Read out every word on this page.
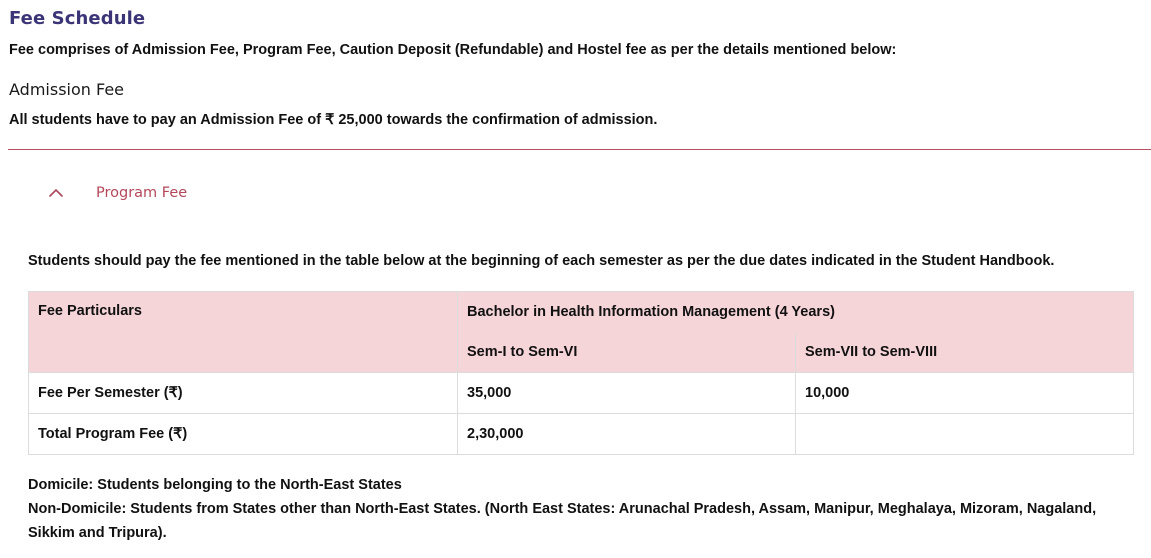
Fee Schedule
Fee comprises of Admission Fee, Program Fee, Caution Deposit (Refundable) and Hostel fee as per the details mentioned below:
Admission Fee
All students have to pay an Admission Fee of ₹ 25,000 towards the confirmation of admission.
Program Fee
Students should pay the fee mentioned in the table below at the beginning of each semester as per the due dates indicated in the Student Handbook.
Fee Particulars	Bachelor in Health Information Management (4 Years)	
	Sem-I to Sem-VI	Sem-VII to Sem-VIII
Fee Per Semester (₹)	35,000	10,000
Total Program Fee (₹)	2,30,000	
Domicile: Students belonging to the North-East States
Non-Domicile: Students from States other than North-East States. (North East States: Arunachal Pradesh, Assam, Manipur, Meghalaya, Mizoram, Nagaland, Sikkim and Tripura).
